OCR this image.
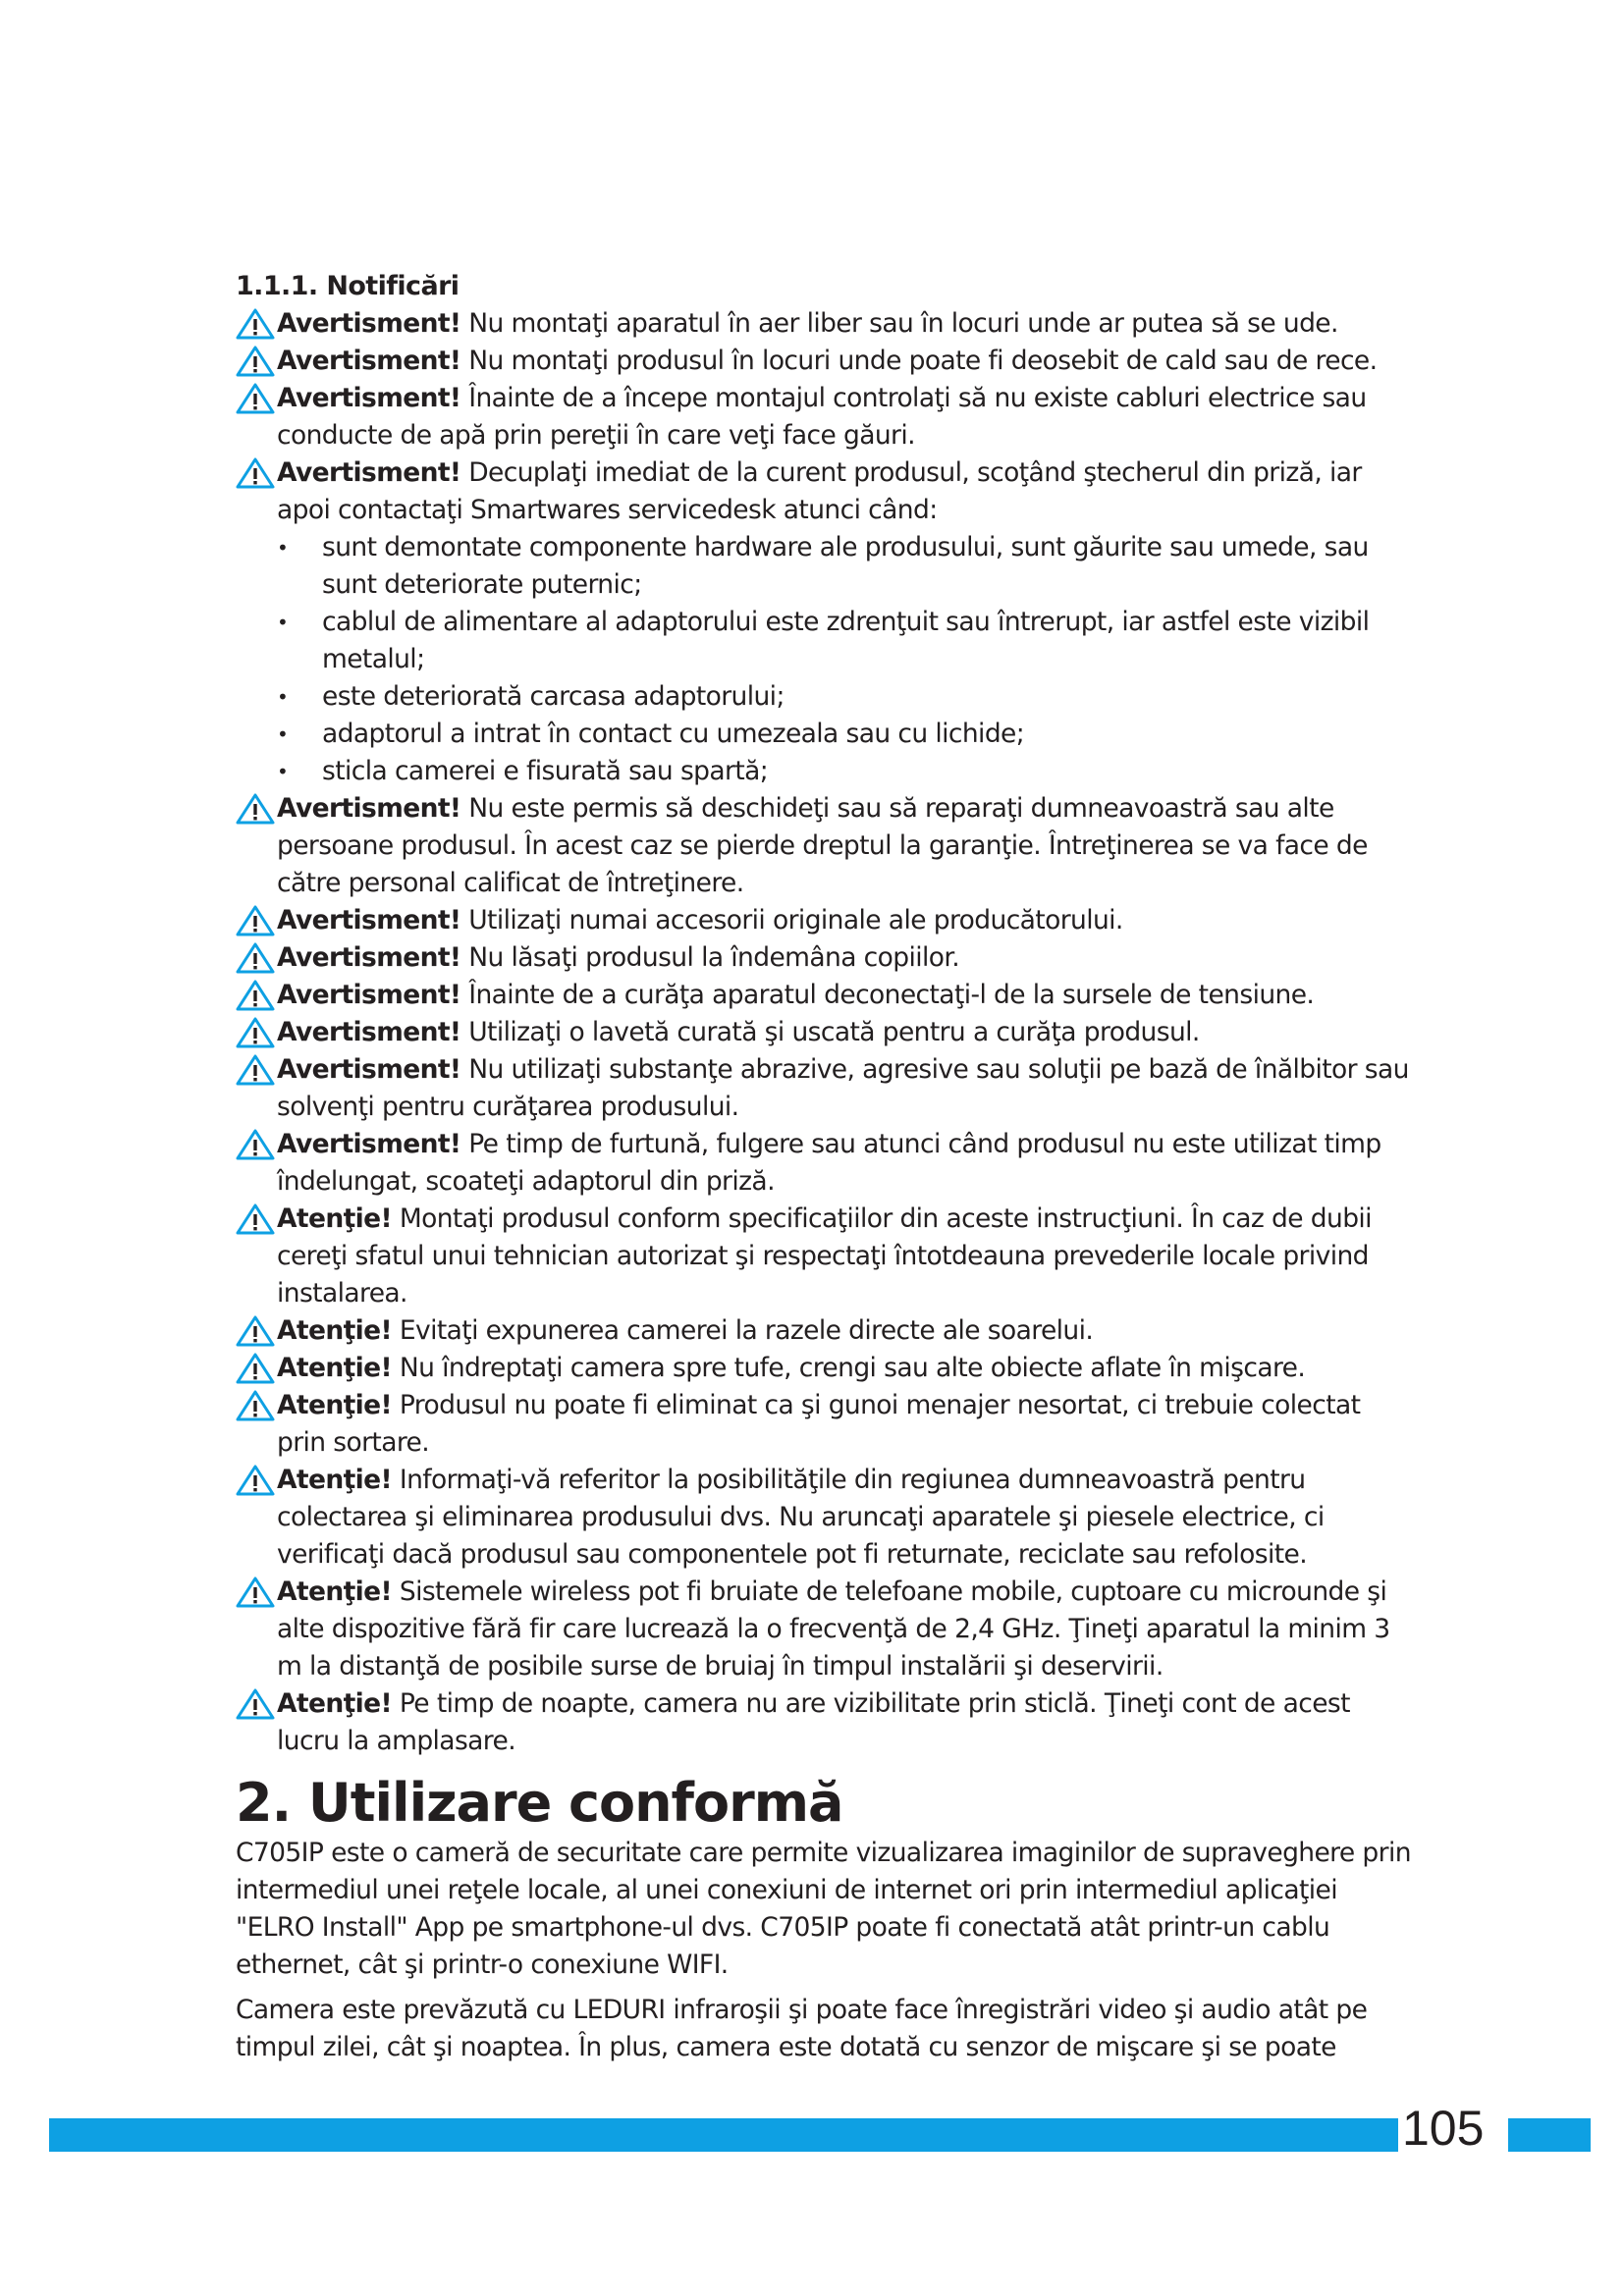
1.1.1. Notificări

Avertisment! Nu montaţi aparatul în aer liber sau în locuri unde ar putea să se ude.

Avertisment! Nu montaţi produsul în locuri unde poate fi deosebit de cald sau de rece.

Avertisment! Înainte de a începe montajul controlaţi să nu existe cabluri electrice sau conducte de apă prin pereţii în care veţi face găuri.

Avertisment! Decuplaţi imediat de la curent produsul, scoţând ştecherul din priză, iar apoi contactaţi Smartwares servicedesk atunci când:

• sunt demontate componente hardware ale produsului, sunt găurite sau umede, sau sunt deteriorate puternic;
• cablul de alimentare al adaptorului este zdrenţuit sau întrerupt, iar astfel este vizibil metalul;
• este deteriorată carcasa adaptorului;
• adaptorul a intrat în contact cu umezeala sau cu lichide;
• sticla camerei e fisurată sau spartă;

Avertisment! Nu este permis să deschideţi sau să reparaţi dumneavoastră sau alte persoane produsul. În acest caz se pierde dreptul la garanţie. Întreţinerea se va face de către personal calificat de întreţinere.

Avertisment! Utilizaţi numai accesorii originale ale producătorului.

Avertisment! Nu lăsaţi produsul la îndemâna copiilor.

Avertisment! Înainte de a curăţa aparatul deconectaţi-l de la sursele de tensiune.

Avertisment! Utilizaţi o lavetă curată şi uscată pentru a curăţa produsul.

Avertisment! Nu utilizaţi substanţe abrazive, agresive sau soluţii pe bază de înălbitor sau solvenţi pentru curăţarea produsului.

Avertisment! Pe timp de furtună, fulgere sau atunci când produsul nu este utilizat timp îndelungat, scoateţi adaptorul din priză.

Atenţie! Montaţi produsul conform specificaţiilor din aceste instrucţiuni. În caz de dubii cereţi sfatul unui tehnician autorizat şi respectaţi întotdeauna prevederile locale privind instalarea.

Atenţie! Evitaţi expunerea camerei la razele directe ale soarelui.

Atenţie! Nu îndreptaţi camera spre tufe, crengi sau alte obiecte aflate în mişcare.

Atenţie! Produsul nu poate fi eliminat ca şi gunoi menajer nesortat, ci trebuie colectat prin sortare.

Atenţie! Informaţi-vă referitor la posibilităţile din regiunea dumneavoastră pentru colectarea şi eliminarea produsului dvs. Nu aruncaţi aparatele şi piesele electrice, ci verificaţi dacă produsul sau componentele pot fi returnate, reciclate sau refolosite.

Atenţie! Sistemele wireless pot fi bruiate de telefoane mobile, cuptoare cu microunde şi alte dispozitive fără fir care lucrează la o frecvenţă de 2,4 GHz. Ţineţi aparatul la minim 3 m la distanţă de posibile surse de bruiaj în timpul instalării şi deservirii.

Atenţie! Pe timp de noapte, camera nu are vizibilitate prin sticlă. Ţineţi cont de acest lucru la amplasare.

2. Utilizare conformă

C705IP este o cameră de securitate care permite vizualizarea imaginilor de supraveghere prin intermediul unei reţele locale, al unei conexiuni de internet ori prin intermediul aplicaţiei "ELRO Install" App pe smartphone-ul dvs. C705IP poate fi conectată atât printr-un cablu ethernet, cât şi printr-o conexiune WIFI.

Camera este prevăzută cu LEDURI infraroşii şi poate face înregistrări video şi audio atât pe timpul zilei, cât şi noaptea. În plus, camera este dotată cu senzor de mişcare şi se poate

105
